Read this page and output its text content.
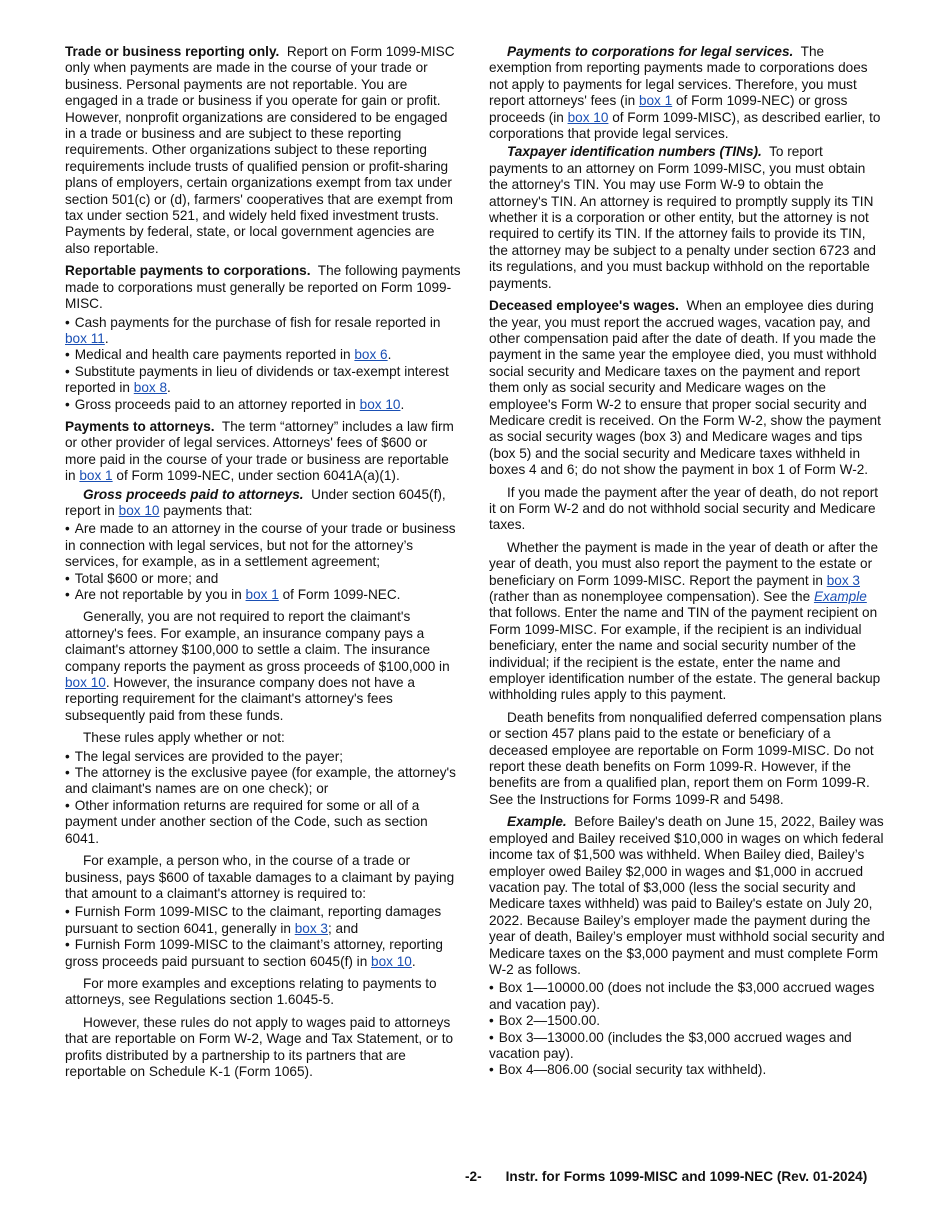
Trade or business reporting only. Report on Form 1099-MISC only when payments are made in the course of your trade or business. Personal payments are not reportable. You are engaged in a trade or business if you operate for gain or profit. However, nonprofit organizations are considered to be engaged in a trade or business and are subject to these reporting requirements. Other organizations subject to these reporting requirements include trusts of qualified pension or profit-sharing plans of employers, certain organizations exempt from tax under section 501(c) or (d), farmers' cooperatives that are exempt from tax under section 521, and widely held fixed investment trusts. Payments by federal, state, or local government agencies are also reportable.

Reportable payments to corporations. The following payments made to corporations must generally be reported on Form 1099-MISC.

• Cash payments for the purchase of fish for resale reported in box 11.
• Medical and health care payments reported in box 6.
• Substitute payments in lieu of dividends or tax-exempt interest reported in box 8.
• Gross proceeds paid to an attorney reported in box 10.

Payments to attorneys. The term “attorney” includes a law firm or other provider of legal services. Attorneys' fees of $600 or more paid in the course of your trade or business are reportable in box 1 of Form 1099-NEC, under section 6041A(a)(1).

Gross proceeds paid to attorneys. Under section 6045(f), report in box 10 payments that:

• Are made to an attorney in the course of your trade or business in connection with legal services, but not for the attorney’s services, for example, as in a settlement agreement;
• Total $600 or more; and
• Are not reportable by you in box 1 of Form 1099-NEC.

Generally, you are not required to report the claimant's attorney's fees. For example, an insurance company pays a claimant's attorney $100,000 to settle a claim. The insurance company reports the payment as gross proceeds of $100,000 in box 10. However, the insurance company does not have a reporting requirement for the claimant's attorney's fees subsequently paid from these funds.

These rules apply whether or not:

• The legal services are provided to the payer;
• The attorney is the exclusive payee (for example, the attorney's and claimant's names are on one check); or
• Other information returns are required for some or all of a payment under another section of the Code, such as section 6041.

For example, a person who, in the course of a trade or business, pays $600 of taxable damages to a claimant by paying that amount to a claimant's attorney is required to:

• Furnish Form 1099-MISC to the claimant, reporting damages pursuant to section 6041, generally in box 3; and
• Furnish Form 1099-MISC to the claimant’s attorney, reporting gross proceeds paid pursuant to section 6045(f) in box 10.

For more examples and exceptions relating to payments to attorneys, see Regulations section 1.6045-5.

However, these rules do not apply to wages paid to attorneys that are reportable on Form W-2, Wage and Tax Statement, or to profits distributed by a partnership to its partners that are reportable on Schedule K-1 (Form 1065).

Payments to corporations for legal services. The exemption from reporting payments made to corporations does not apply to payments for legal services. Therefore, you must report attorneys' fees (in box 1 of Form 1099-NEC) or gross proceeds (in box 10 of Form 1099-MISC), as described earlier, to corporations that provide legal services.

Taxpayer identification numbers (TINs). To report payments to an attorney on Form 1099-MISC, you must obtain the attorney's TIN. You may use Form W-9 to obtain the attorney's TIN. An attorney is required to promptly supply its TIN whether it is a corporation or other entity, but the attorney is not required to certify its TIN. If the attorney fails to provide its TIN, the attorney may be subject to a penalty under section 6723 and its regulations, and you must backup withhold on the reportable payments.

Deceased employee's wages. When an employee dies during the year, you must report the accrued wages, vacation pay, and other compensation paid after the date of death. If you made the payment in the same year the employee died, you must withhold social security and Medicare taxes on the payment and report them only as social security and Medicare wages on the employee's Form W-2 to ensure that proper social security and Medicare credit is received. On the Form W-2, show the payment as social security wages (box 3) and Medicare wages and tips (box 5) and the social security and Medicare taxes withheld in boxes 4 and 6; do not show the payment in box 1 of Form W-2.

If you made the payment after the year of death, do not report it on Form W-2 and do not withhold social security and Medicare taxes.

Whether the payment is made in the year of death or after the year of death, you must also report the payment to the estate or beneficiary on Form 1099-MISC. Report the payment in box 3 (rather than as nonemployee compensation). See the Example that follows. Enter the name and TIN of the payment recipient on Form 1099-MISC. For example, if the recipient is an individual beneficiary, enter the name and social security number of the individual; if the recipient is the estate, enter the name and employer identification number of the estate. The general backup withholding rules apply to this payment.

Death benefits from nonqualified deferred compensation plans or section 457 plans paid to the estate or beneficiary of a deceased employee are reportable on Form 1099-MISC. Do not report these death benefits on Form 1099-R. However, if the benefits are from a qualified plan, report them on Form 1099-R. See the Instructions for Forms 1099-R and 5498.

Example. Before Bailey's death on June 15, 2022, Bailey was employed and Bailey received $10,000 in wages on which federal income tax of $1,500 was withheld. When Bailey died, Bailey’s employer owed Bailey $2,000 in wages and $1,000 in accrued vacation pay. The total of $3,000 (less the social security and Medicare taxes withheld) was paid to Bailey's estate on July 20, 2022. Because Bailey’s employer made the payment during the year of death, Bailey’s employer must withhold social security and Medicare taxes on the $3,000 payment and must complete Form W-2 as follows.

• Box 1—10000.00 (does not include the $3,000 accrued wages and vacation pay).
• Box 2—1500.00.
• Box 3—13000.00 (includes the $3,000 accrued wages and vacation pay).
• Box 4—806.00 (social security tax withheld).
-2- Instr. for Forms 1099-MISC and 1099-NEC (Rev. 01-2024)
